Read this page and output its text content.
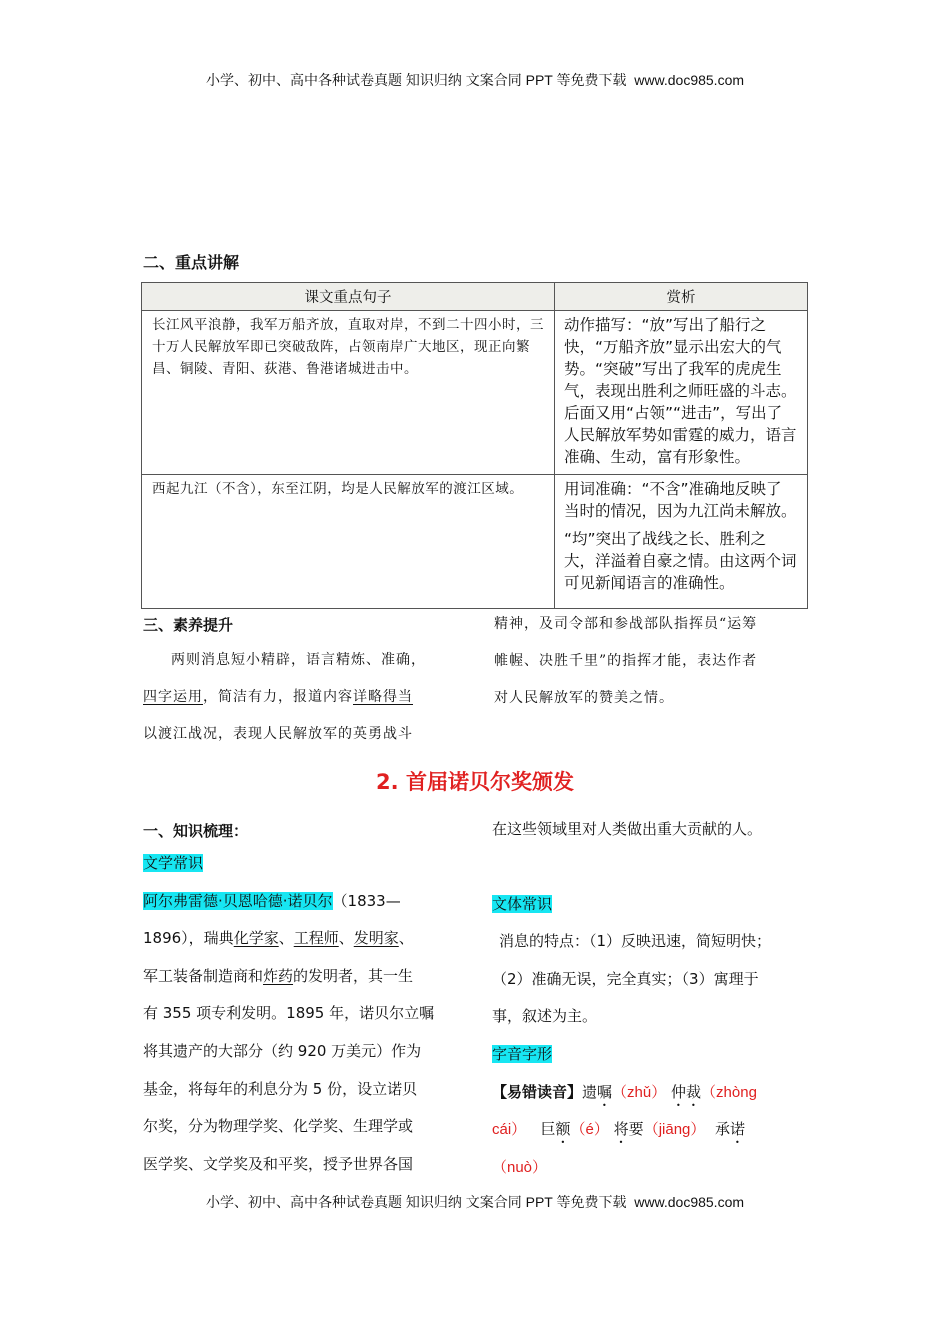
小学、初中、高中各种试卷真题 知识归纳 文案合同 PPT 等免费下载 www.doc985.com
二、重点讲解
课文重点句子	赏析
长江风平浪静，我军万船齐放，直取对岸，不到二十四小时，三十万人民解放军即已突破敌阵，占领南岸广大地区，现正向繁昌、铜陵、青阳、荻港、鲁港诸城进击中。	动作描写：“放”写出了船行之快，“万船齐放”显示出宏大的气势。“突破”写出了我军的虎虎生气，表现出胜利之师旺盛的斗志。后面又用“占领”“进击”，写出了人民解放军势如雷霆的威力，语言准确、生动，富有形象性。

西起九江（不含），东至江阴，均是人民解放军的渡江区域。	用词准确：“不含”准确地反映了当时的情况，因为九江尚未解放。

“均”突出了战线之长、胜利之大，洋溢着自豪之情。由这两个词可见新闻语言的准确性。

三、素养提升
两则消息短小精辟，语言精炼、准确，
四字运用，简洁有力，报道内容详略得当
以渡江战况，表现人民解放军的英勇战斗
精神，及司令部和参战部队指挥员“运筹
帷幄、决胜千里”的指挥才能，表达作者
对人民解放军的赞美之情。
2. 首届诺贝尔奖颁发
一、知识梳理：
文学常识
阿尔弗雷德·贝恩哈德·诺贝尔（1833—
1896），瑞典化学家、工程师、发明家、
军工装备制造商和炸药的发明者，其一生
有 355 项专利发明。1895 年，诺贝尔立嘱
将其遗产的大部分（约 920 万美元）作为
基金，将每年的利息分为 5 份，设立诺贝
尔奖，分为物理学奖、化学奖、生理学或
医学奖、文学奖及和平奖，授予世界各国
在这些领域里对人类做出重大贡献的人。
文体常识
消息的特点：（1）反映迅速，简短明快；
（2）准确无误，完全真实；（3）寓理于
事，叙述为主。
字音字形
【易错读音】遗嘱（zhǔ） 仲裁（zhòng
cái） 巨额（é） 将要（jiāng） 承诺
（nuò）
小学、初中、高中各种试卷真题 知识归纳 文案合同 PPT 等免费下载 www.doc985.com
